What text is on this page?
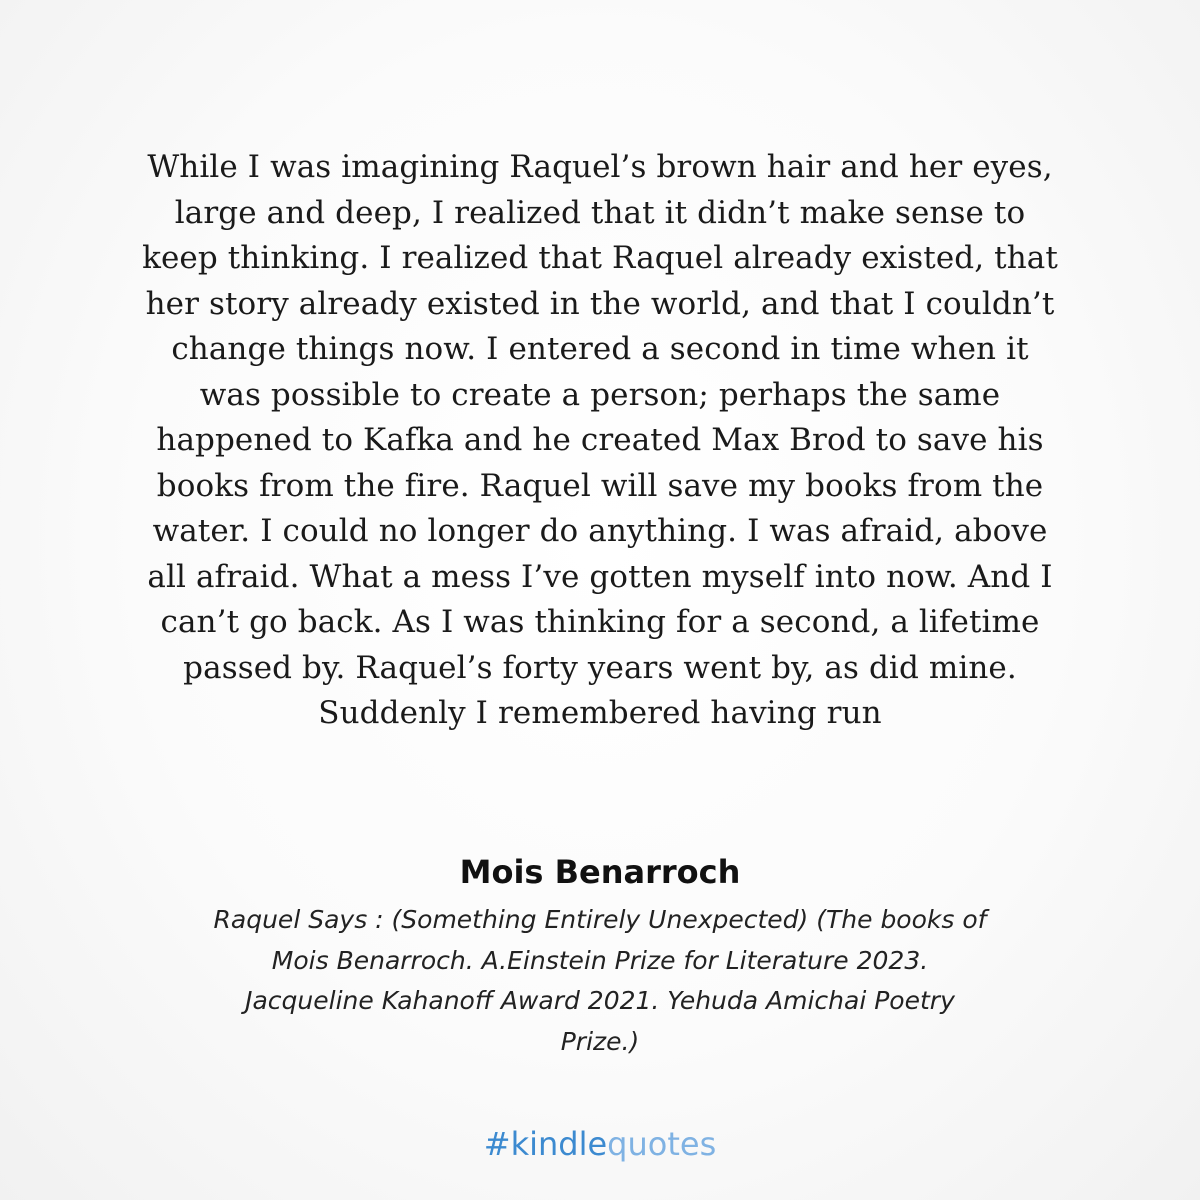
While I was imagining Raquel’s brown hair and her eyes,
large and deep, I realized that it didn’t make sense to
keep thinking. I realized that Raquel already existed, that
her story already existed in the world, and that I couldn’t
change things now. I entered a second in time when it
was possible to create a person; perhaps the same
happened to Kafka and he created Max Brod to save his
books from the fire. Raquel will save my books from the
water. I could no longer do anything. I was afraid, above
all afraid. What a mess I’ve gotten myself into now. And I
can’t go back. As I was thinking for a second, a lifetime
passed by. Raquel’s forty years went by, as did mine.
Suddenly I remembered having run

Mois Benarroch
Raquel Says : (Something Entirely Unexpected) (The books of
Mois Benarroch. A.Einstein Prize for Literature 2023.
Jacqueline Kahanoff Award 2021. Yehuda Amichai Poetry
Prize.)
#kindlequotes
